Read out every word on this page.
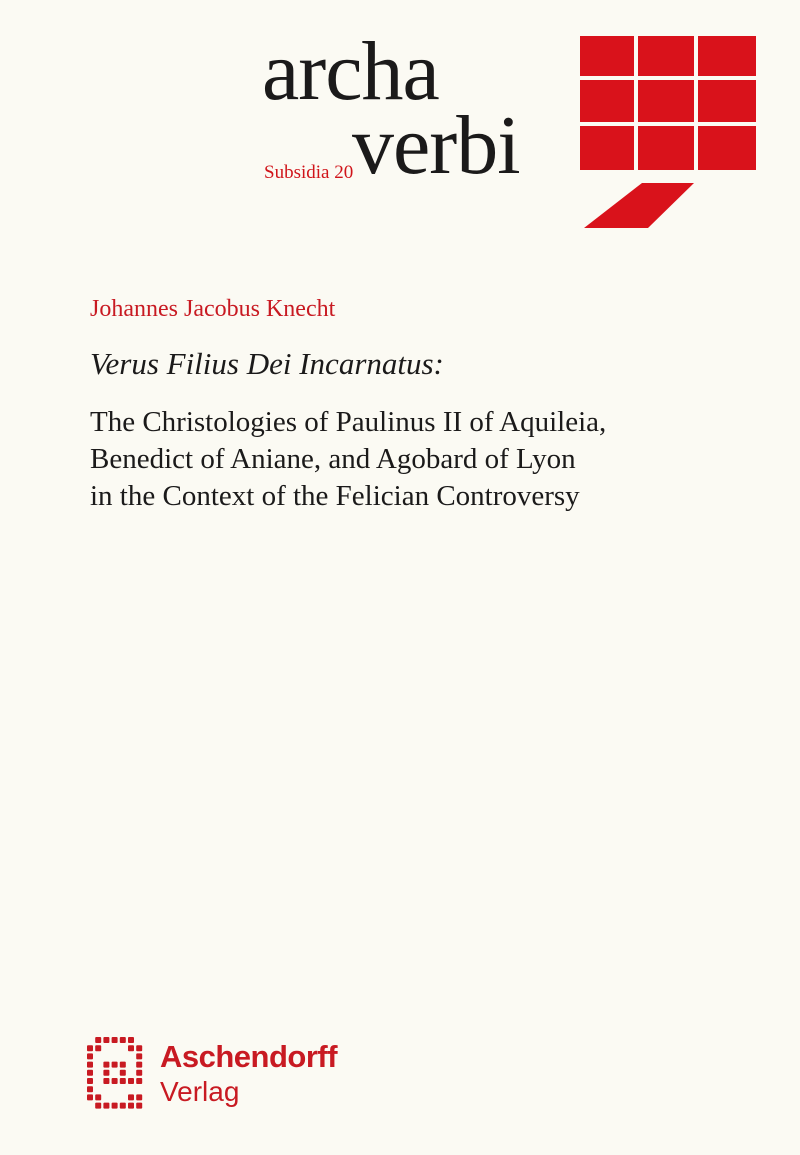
archa
verbi
Subsidia 20
Johannes Jacobus Knecht
Verus Filius Dei Incarnatus:
The Christologies of Paulinus II of Aquileia,
Benedict of Aniane, and Agobard of Lyon
in the Context of the Felician Controversy
Aschendorff
Verlag
